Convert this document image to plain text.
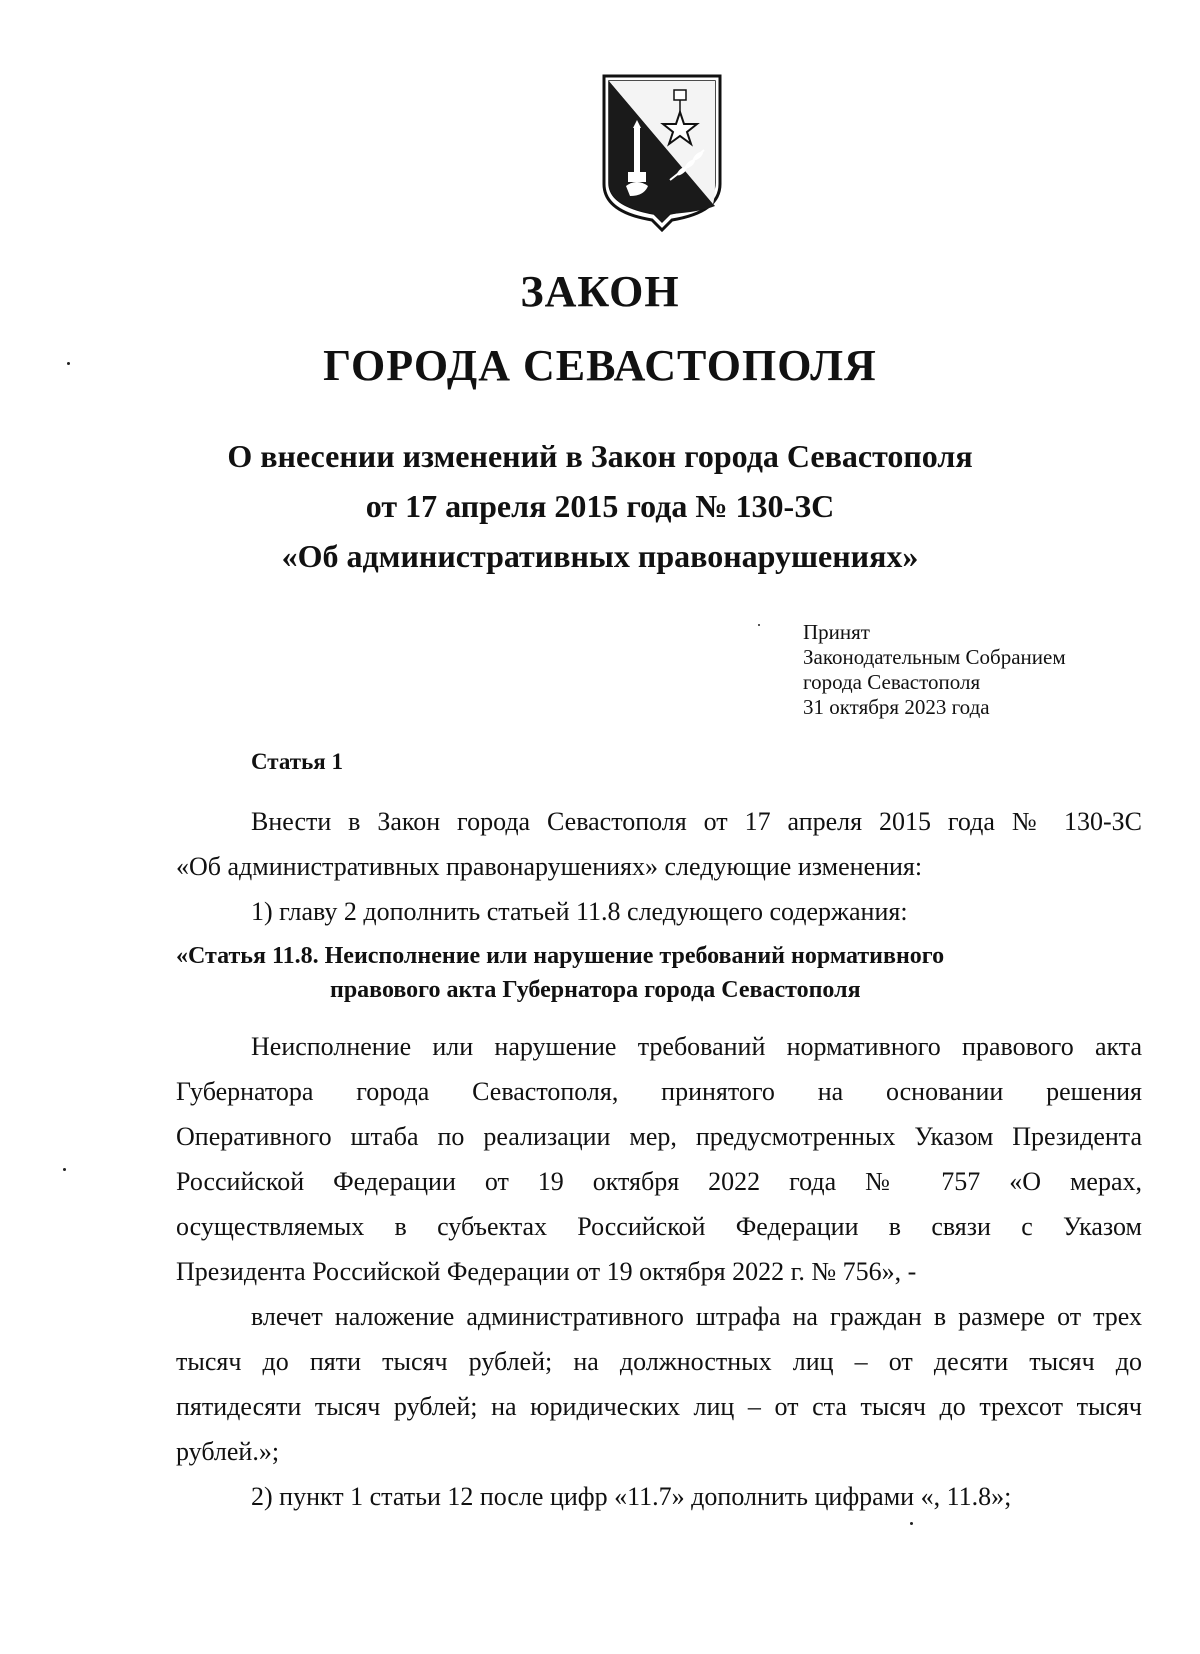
ЗАКОН
ГОРОДА СЕВАСТОПОЛЯ
О внесении изменений в Закон города Севастополя
от 17 апреля 2015 года № 130-ЗС
«Об административных правонарушениях»
Принят
Законодательным Собранием
города Севастополя
31 октября 2023 года
Статья 1
Внести в Закон города Севастополя от 17 апреля 2015 года № 130-ЗС
«Об административных правонарушениях» следующие изменения:
1) главу 2 дополнить статьей 11.8 следующего содержания:
«Статья 11.8. Неисполнение или нарушение требований нормативного
правового акта Губернатора города Севастополя
Неисполнение или нарушение требований нормативного правового акта
Губернатора города Севастополя, принятого на основании решения
Оперативного штаба по реализации мер, предусмотренных Указом Президента
Российской Федерации от 19 октября 2022 года № 757 «О мерах,
осуществляемых в субъектах Российской Федерации в связи с Указом
Президента Российской Федерации от 19 октября 2022 г. № 756», -
влечет наложение административного штрафа на граждан в размере от трех
тысяч до пяти тысяч рублей; на должностных лиц – от десяти тысяч до
пятидесяти тысяч рублей; на юридических лиц – от ста тысяч до трехсот тысяч
рублей.»;
2) пункт 1 статьи 12 после цифр «11.7» дополнить цифрами «, 11.8»;
